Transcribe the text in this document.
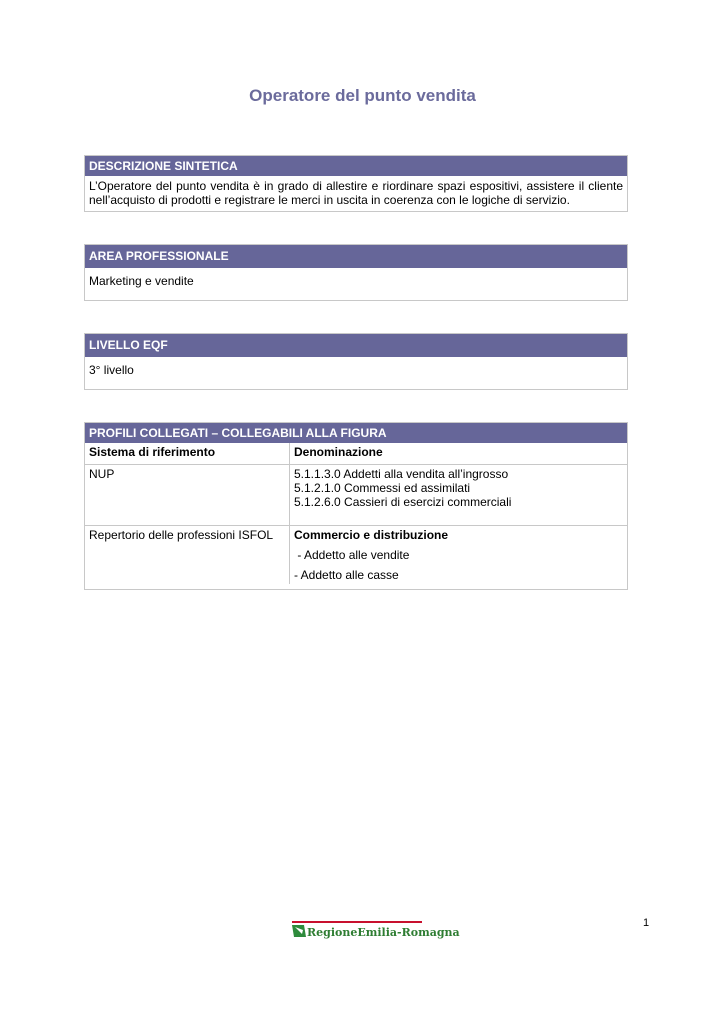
Operatore del punto vendita
DESCRIZIONE SINTETICA
L’Operatore del punto vendita è in grado di allestire e riordinare spazi espositivi, assistere il cliente nell’acquisto di prodotti e registrare le merci in uscita in coerenza con le logiche di servizio.
AREA PROFESSIONALE
Marketing e vendite
LIVELLO EQF
3° livello
PROFILI COLLEGATI – COLLEGABILI ALLA FIGURA
Sistema di riferimento	Denominazione
NUP	5.1.1.3.0 Addetti alla vendita all’ingrosso
5.1.2.1.0 Commessi ed assimilati
5.1.2.6.0 Cassieri di esercizi commerciali

Repertorio delle professioni ISFOL	Commercio e distribuzione
- Addetto alle vendite
- Addetto alle casse
RegioneEmilia-Romagna
1
